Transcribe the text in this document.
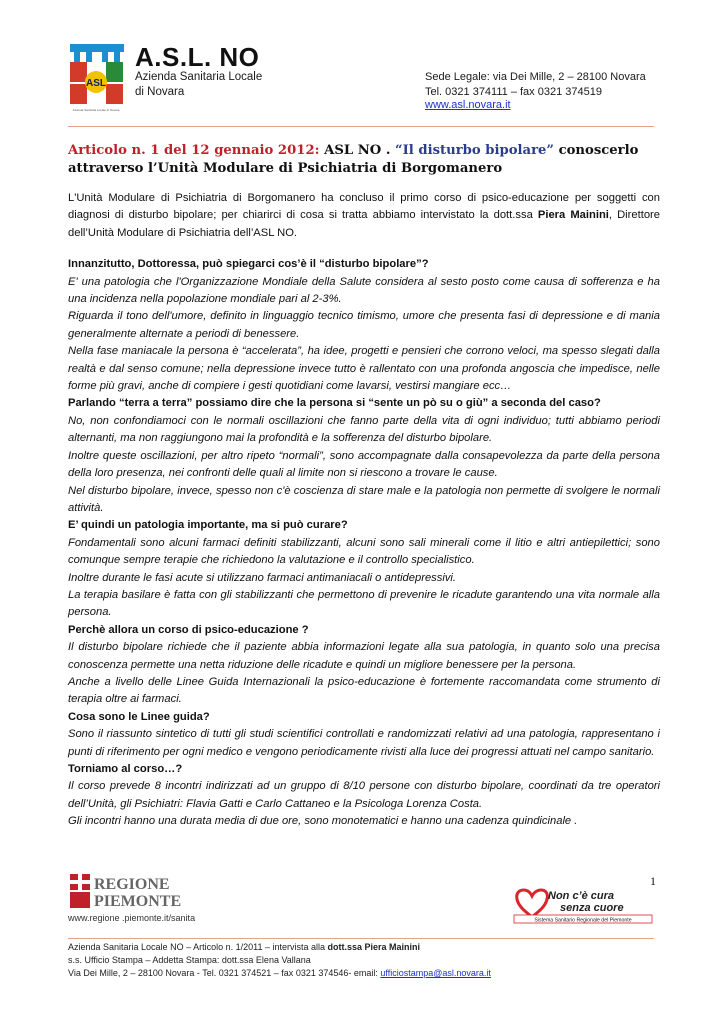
ASL
Azienda Sanitaria Locale di Novara
A.S.L. NO
Azienda Sanitaria Locale
di Novara
Sede Legale: via Dei Mille, 2 – 28100 Novara
Tel. 0321 374111 – fax 0321 374519
www.asl.novara.it
Articolo n. 1 del 12 gennaio 2012: ASL NO . “Il disturbo bipolare” conoscerlo attraverso l’Unità Modulare di Psichiatria di Borgomanero

L'Unità Modulare di Psichiatria di Borgomanero ha concluso il primo corso di psico-educazione per soggetti con diagnosi di disturbo bipolare; per chiarirci di cosa si tratta abbiamo intervistato la dott.ssa Piera Mainini, Direttore dell’Unità Modulare di Psichiatria dell’ASL NO.

Innanzitutto, Dottoressa, può spiegarci cos’è il “disturbo bipolare”?

E' una patologia che l'Organizzazione Mondiale della Salute considera al sesto posto come causa di sofferenza e ha una incidenza nella popolazione mondiale pari al 2-3%.

Riguarda il tono dell'umore, definito in linguaggio tecnico timismo, umore che presenta fasi di depressione e di mania generalmente alternate a periodi di benessere.

Nella fase maniacale la persona è “accelerata”, ha idee, progetti e pensieri che corrono veloci, ma spesso slegati dalla realtà e dal senso comune; nella depressione invece tutto è rallentato con una profonda angoscia che impedisce, nelle forme più gravi, anche di compiere i gesti quotidiani come lavarsi, vestirsi mangiare ecc…

Parlando “terra a terra” possiamo dire che la persona si “sente un pò su o giù” a seconda del caso?

No, non confondiamoci con le normali oscillazioni che fanno parte della vita di ogni individuo; tutti abbiamo periodi alternanti, ma non raggiungono mai la profondità e la sofferenza del disturbo bipolare.

Inoltre queste oscillazioni, per altro ripeto “normali”, sono accompagnate dalla consapevolezza da parte della persona della loro presenza, nei confronti delle quali al limite non si riescono a trovare le cause.

Nel disturbo bipolare, invece, spesso non c'è coscienza di stare male e la patologia non permette di svolgere le normali attività.

E’ quindi un patologia importante, ma si può curare?

Fondamentali sono alcuni farmaci definiti stabilizzanti, alcuni sono sali minerali come il litio e altri antiepilettici; sono comunque sempre terapie che richiedono la valutazione e il controllo specialistico.

Inoltre durante le fasi acute si utilizzano farmaci antimaniacali o antidepressivi.

La terapia basilare è fatta con gli stabilizzanti che permettono di prevenire le ricadute garantendo una vita normale alla persona.

Perchè allora un corso di psico-educazione ?

Il disturbo bipolare richiede che il paziente abbia informazioni legate alla sua patologia, in quanto solo una precisa conoscenza permette una netta riduzione delle ricadute e quindi un migliore benessere per la persona.

Anche a livello delle Linee Guida Internazionali la psico-educazione è fortemente raccomandata come strumento di terapia oltre ai farmaci.

Cosa sono le Linee guida?

Sono il riassunto sintetico di tutti gli studi scientifici controllati e randomizzati relativi ad una patologia, rappresentano i punti di riferimento per ogni medico e vengono periodicamente rivisti alla luce dei progressi attuati nel campo sanitario.

Torniamo al corso…?

Il corso prevede 8 incontri indirizzati ad un gruppo di 8/10 persone con disturbo bipolare, coordinati da tre operatori dell’Unità, gli Psichiatri: Flavia Gatti e Carlo Cattaneo e la Psicologa Lorenza Costa.

Gli incontri hanno una durata media di due ore, sono monotematici e hanno una cadenza quindicinale .

REGIONE
PIEMONTE
www.regione .piemonte.it/sanita
1
Non c’è cura
senza cuore
Sistema Sanitario Regionale del Piemonte
Azienda Sanitaria Locale NO – Articolo n. 1/2011 – intervista alla dott.ssa Piera Mainini
s.s. Ufficio Stampa – Addetta Stampa: dott.ssa Elena Vallana
Via Dei Mille, 2 – 28100 Novara - Tel. 0321 374521 – fax 0321 374546- email: ufficiostampa@asl.novara.it
